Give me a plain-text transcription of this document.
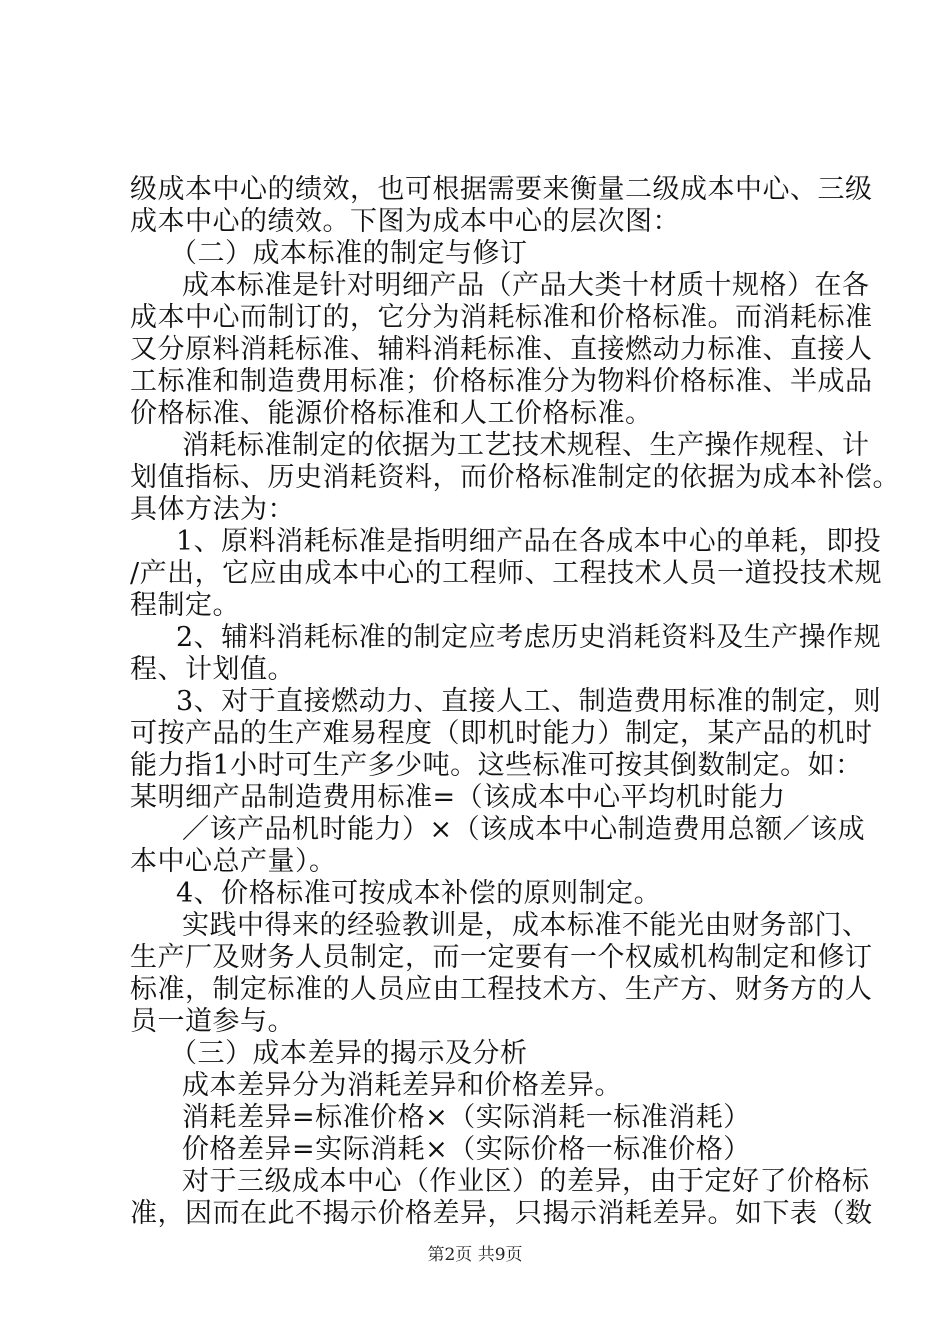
级成本中心的绩效，也可根据需要来衡量二级成本中心、三级
成本中心的绩效。下图为成本中心的层次图：
（二）成本标准的制定与修订
成本标准是针对明细产品（产品大类十材质十规格）在各
成本中心而制订的，它分为消耗标准和价格标准。而消耗标准
又分原料消耗标准、辅料消耗标准、直接燃动力标准、直接人
工标准和制造费用标准；价格标准分为物料价格标准、半成品
价格标准、能源价格标准和人工价格标准。
消耗标准制定的依据为工艺技术规程、生产操作规程、计
划值指标、历史消耗资料，而价格标准制定的依据为成本补偿。
具体方法为：
1、原料消耗标准是指明细产品在各成本中心的单耗，即投
/产出，它应由成本中心的工程师、工程技术人员一道投技术规
程制定。
2、辅料消耗标准的制定应考虑历史消耗资料及生产操作规
程、计划值。
3、对于直接燃动力、直接人工、制造费用标准的制定，则
可按产品的生产难易程度（即机时能力）制定，某产品的机时
能力指1小时可生产多少吨。这些标准可按其倒数制定。如：
某明细产品制造费用标准=（该成本中心平均机时能力
／该产品机时能力）×（该成本中心制造费用总额／该成
本中心总产量）。
4、价格标准可按成本补偿的原则制定。
实践中得来的经验教训是，成本标准不能光由财务部门、
生产厂及财务人员制定，而一定要有一个权威机构制定和修订
标准，制定标准的人员应由工程技术方、生产方、财务方的人
员一道参与。
（三）成本差异的揭示及分析
成本差异分为消耗差异和价格差异。
消耗差异=标准价格×（实际消耗一标准消耗）
价格差异=实际消耗×（实际价格一标准价格）
对于三级成本中心（作业区）的差异，由于定好了价格标
准，因而在此不揭示价格差异，只揭示消耗差异。如下表（数
第2页 共9页
